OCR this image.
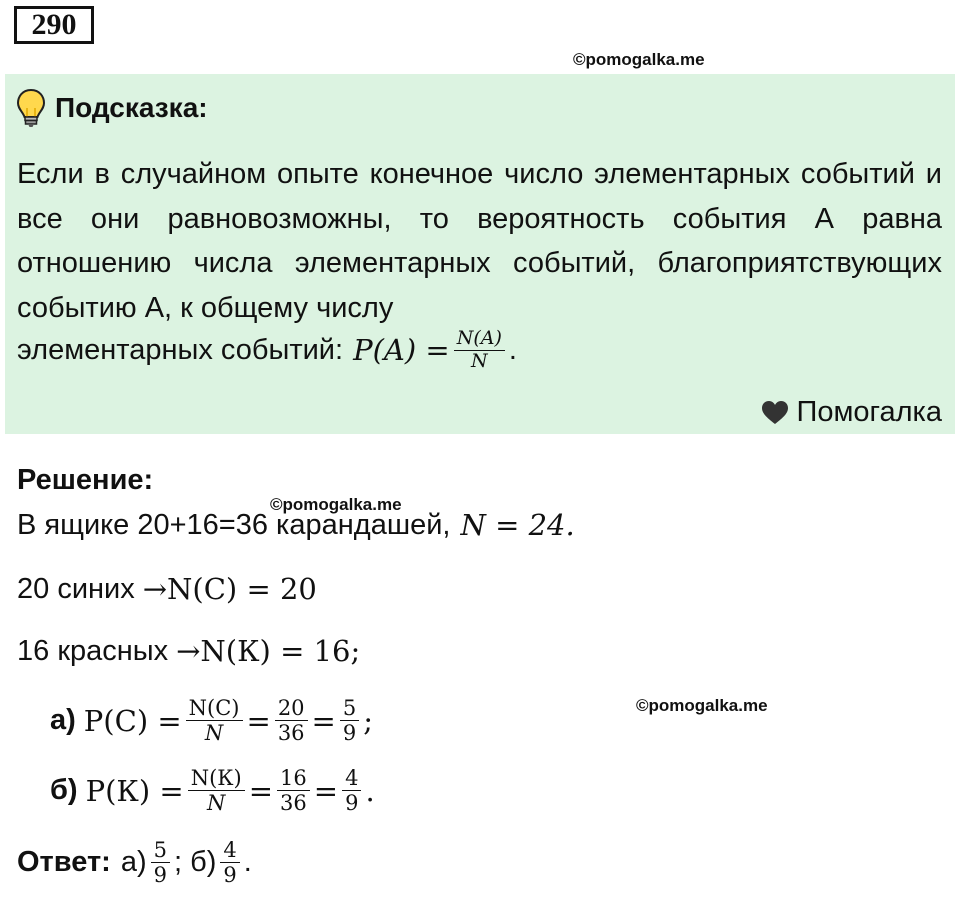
290
©pomogalka.me
Подсказка:
Если в случайном опыте конечное число элементарных событий и все они равновозможны, то вероятность события А равна отношению числа элементарных событий, благоприятствующих событию А, к общему числу
элементарных событий: $P(A) = \frac{N(A)}{N}$ .
Помогалка
Решение:
©pomogalka.me
В ящике 20+16=36 карандашей, N = 24.
20 синих →N(С) = 20
16 красных →N(К) = 16;
©pomogalka.me
а) $P(С) = \frac{N(С)}{N} = \frac{20}{36} = \frac{5}{9}$ ;
б) $P(К) = \frac{N(К)}{N} = \frac{16}{36} = \frac{4}{9}$ .
Ответ: $а) \frac{5}{9}$ ; $б) \frac{4}{9}$ .
